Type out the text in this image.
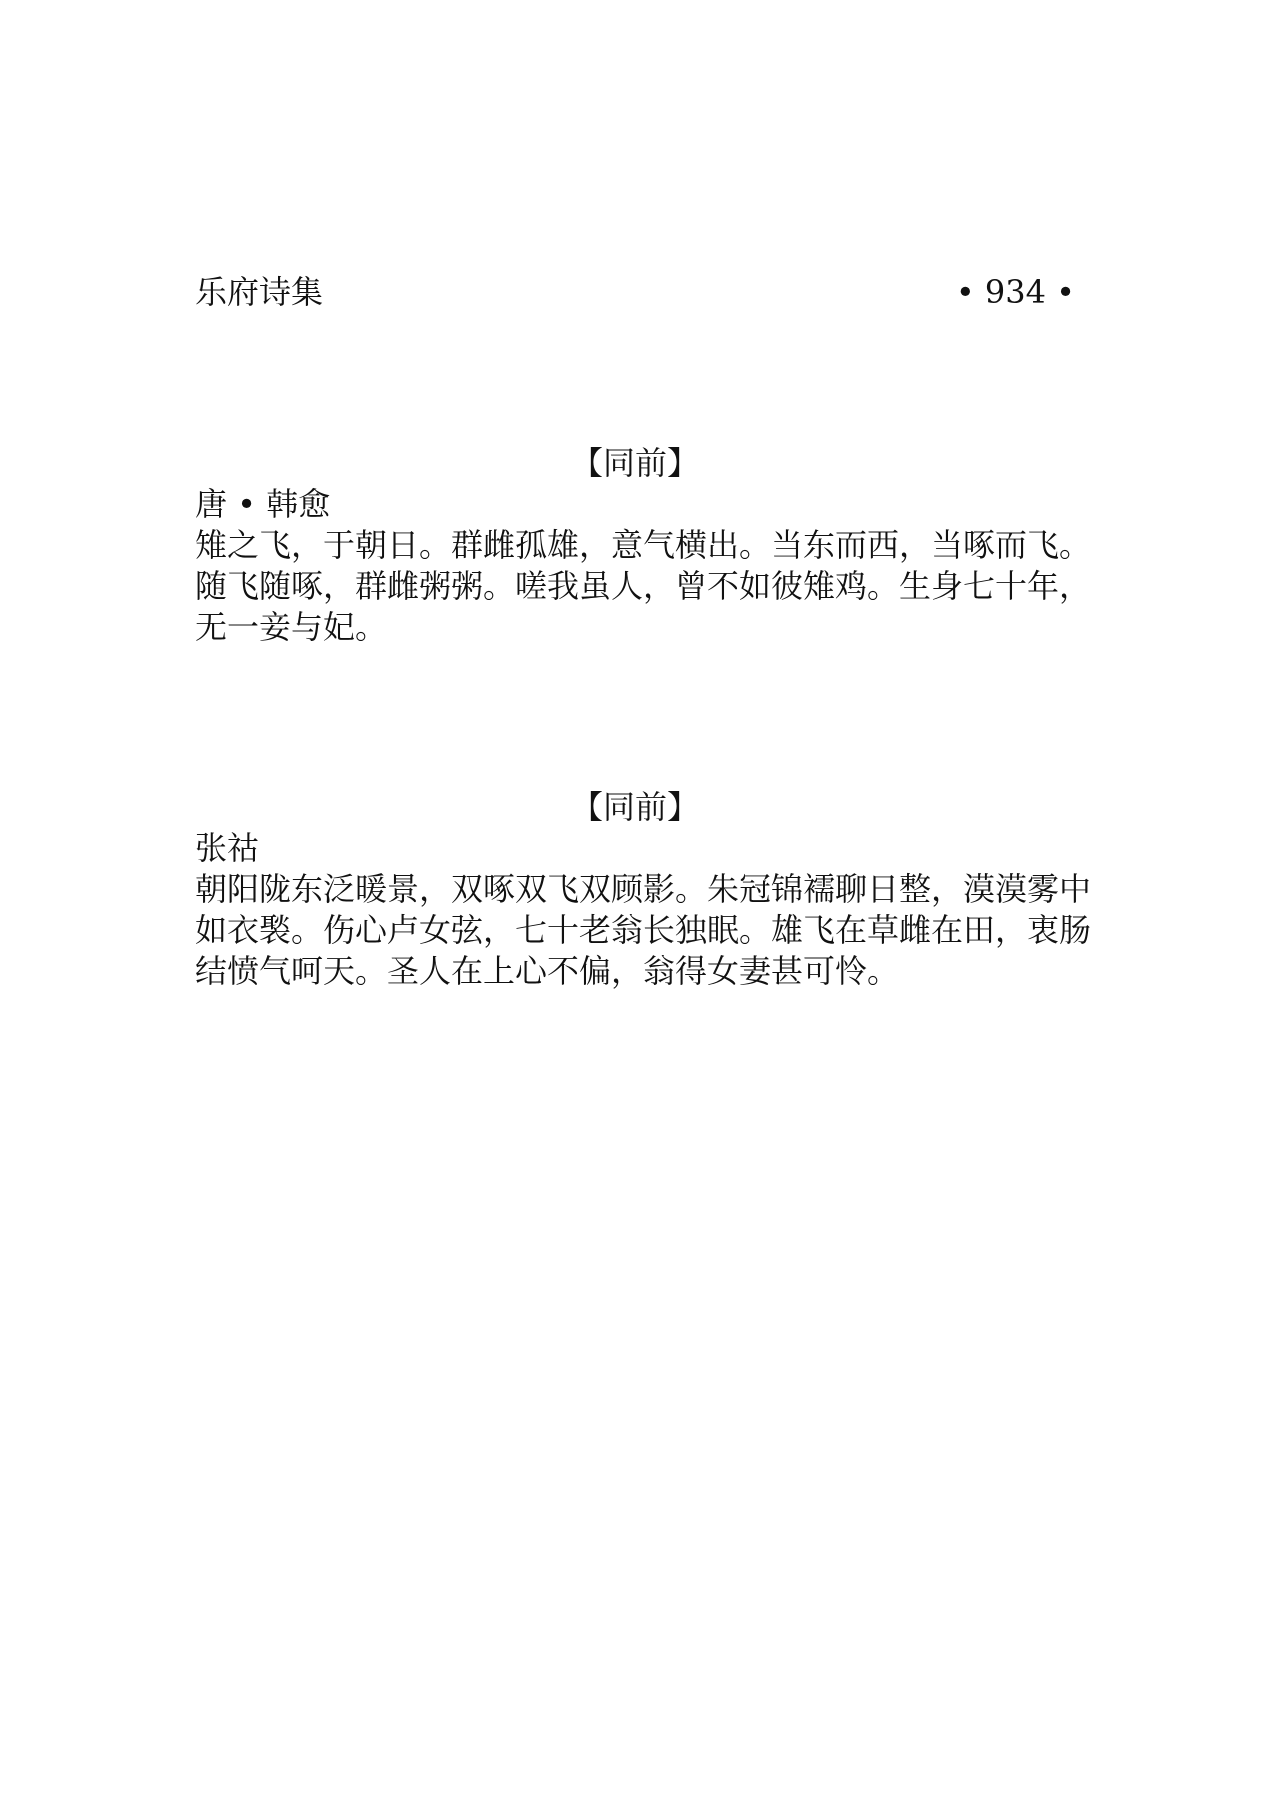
乐府诗集	• 934 •
【同前】
唐 • 韩愈
雉之飞，于朝日。群雌孤雄，意气横出。当东而西，当啄而飞。随飞随啄，群雌粥粥。嗟我虽人，曾不如彼雉鸡。生身七十年，无一妾与妃。
【同前】
张祜
朝阳陇东泛暖景，双啄双飞双顾影。朱冠锦襦聊日整，漠漠雾中如衣褧。伤心卢女弦，七十老翁长独眠。雄飞在草雌在田，衷肠结愤气呵天。圣人在上心不偏，翁得女妻甚可怜。
